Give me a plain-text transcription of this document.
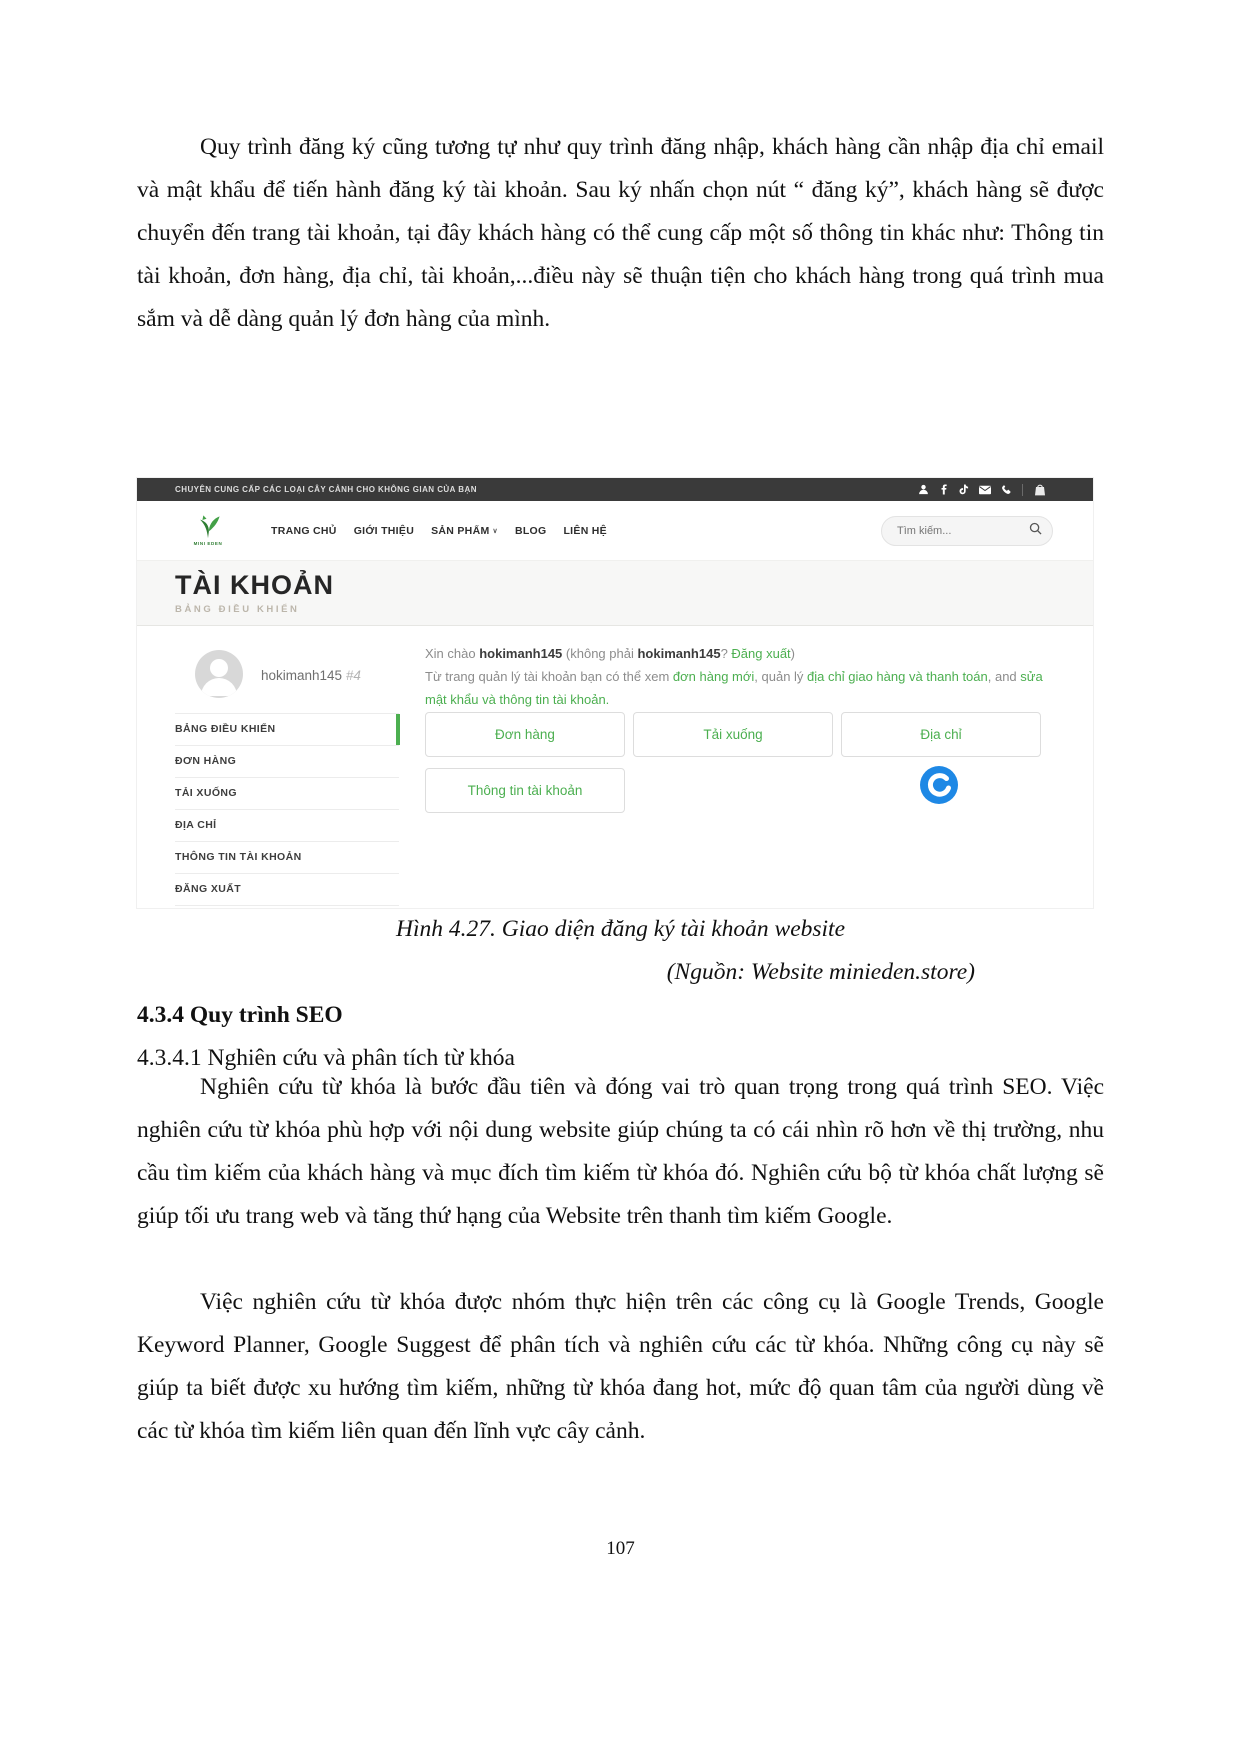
Quy trình đăng ký cũng tương tự như quy trình đăng nhập, khách hàng cần nhập địa chỉ email và mật khẩu để tiến hành đăng ký tài khoản. Sau ký nhấn chọn nút “ đăng ký”, khách hàng sẽ được chuyển đến trang tài khoản, tại đây khách hàng có thể cung cấp một số thông tin khác như: Thông tin tài khoản, đơn hàng, địa chỉ, tài khoản,...điều này sẽ thuận tiện cho khách hàng trong quá trình mua sắm và dễ dàng quản lý đơn hàng của mình.

CHUYÊN CUNG CẤP CÁC LOẠI CÂY CẢNH CHO KHÔNG GIAN CỦA BẠN
MINI EDEN
TRANG CHỦ GIỚI THIỆU SẢN PHẨM ∨ BLOG LIÊN HỆ
Tìm kiếm...
TÀI KHOẢN
BẢNG ĐIỀU KHIỂN
hokimanh145 #4
BẢNG ĐIỀU KHIỂN
ĐƠN HÀNG
TẢI XUỐNG
ĐỊA CHỈ
THÔNG TIN TÀI KHOẢN
ĐĂNG XUẤT
Xin chào hokimanh145 (không phải hokimanh145? Đăng xuất)
Từ trang quản lý tài khoản bạn có thể xem đơn hàng mới, quản lý địa chỉ giao hàng và thanh toán, and sửa mật khẩu và thông tin tài khoản.
Đơn hàng	Tải xuống	Địa chỉ
Thông tin tài khoản

Hình 4.27. Giao diện đăng ký tài khoản website

(Nguồn: Website minieden.store)

4.3.4 Quy trình SEO
4.3.4.1 Nghiên cứu và phân tích từ khóa

Nghiên cứu từ khóa là bước đầu tiên và đóng vai trò quan trọng trong quá trình SEO. Việc nghiên cứu từ khóa phù hợp với nội dung website giúp chúng ta có cái nhìn rõ hơn về thị trường, nhu cầu tìm kiếm của khách hàng và mục đích tìm kiếm từ khóa đó. Nghiên cứu bộ từ khóa chất lượng sẽ giúp tối ưu trang web và tăng thứ hạng của Website trên thanh tìm kiếm Google.

Việc nghiên cứu từ khóa được nhóm thực hiện trên các công cụ là Google Trends, Google Keyword Planner, Google Suggest để phân tích và nghiên cứu các từ khóa. Những công cụ này sẽ giúp ta biết được xu hướng tìm kiếm, những từ khóa đang hot, mức độ quan tâm của người dùng về các từ khóa tìm kiếm liên quan đến lĩnh vực cây cảnh.

107
